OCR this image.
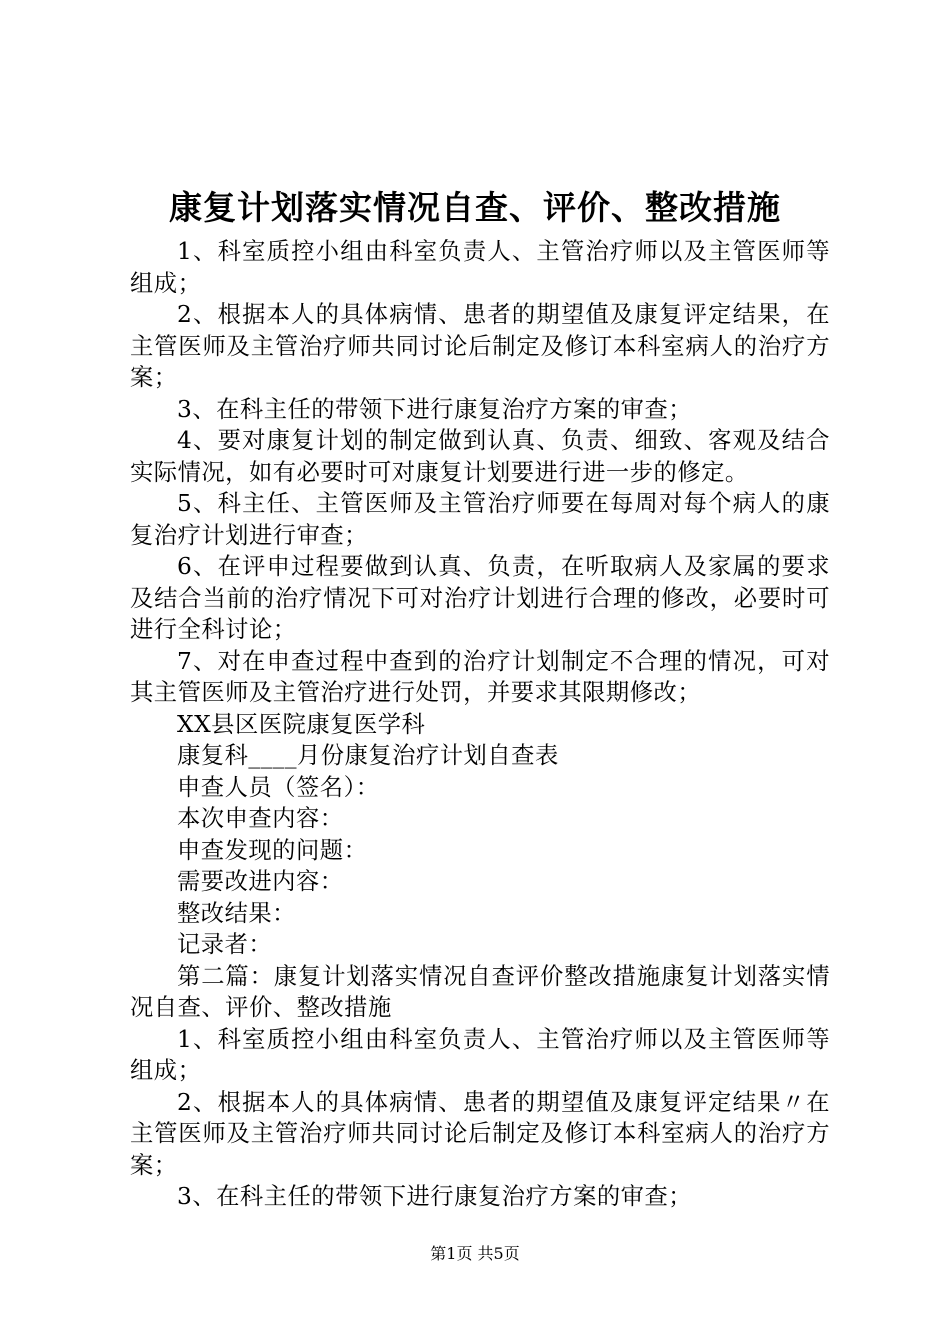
康复计划落实情况自查、评价、整改措施

1、科室质控小组由科室负责人、主管治疗师以及主管医师等组成；

2、根据本人的具体病情、患者的期望值及康复评定结果，在主管医师及主管治疗师共同讨论后制定及修订本科室病人的治疗方案；

3、在科主任的带领下进行康复治疗方案的审查；

4、要对康复计划的制定做到认真、负责、细致、客观及结合实际情况，如有必要时可对康复计划要进行进一步的修定。

5、科主任、主管医师及主管治疗师要在每周对每个病人的康复治疗计划进行审查；

6、在评申过程要做到认真、负责，在听取病人及家属的要求及结合当前的治疗情况下可对治疗计划进行合理的修改，必要时可进行全科讨论；

7、对在申查过程中查到的治疗计划制定不合理的情况，可对其主管医师及主管治疗进行处罚，并要求其限期修改；

XX县区医院康复医学科

康复科____月份康复治疗计划自查表

申查人员（签名）：

本次申查内容：

申查发现的问题：

需要改进内容：

整改结果：

记录者：

第二篇：康复计划落实情况自查评价整改措施康复计划落实情况自查、评价、整改措施

1、科室质控小组由科室负责人、主管治疗师以及主管医师等组成；

2、根据本人的具体病情、患者的期望值及康复评定结果〃在主管医师及主管治疗师共同讨论后制定及修订本科室病人的治疗方案；

3、在科主任的带领下进行康复治疗方案的审查；

第1页 共5页
